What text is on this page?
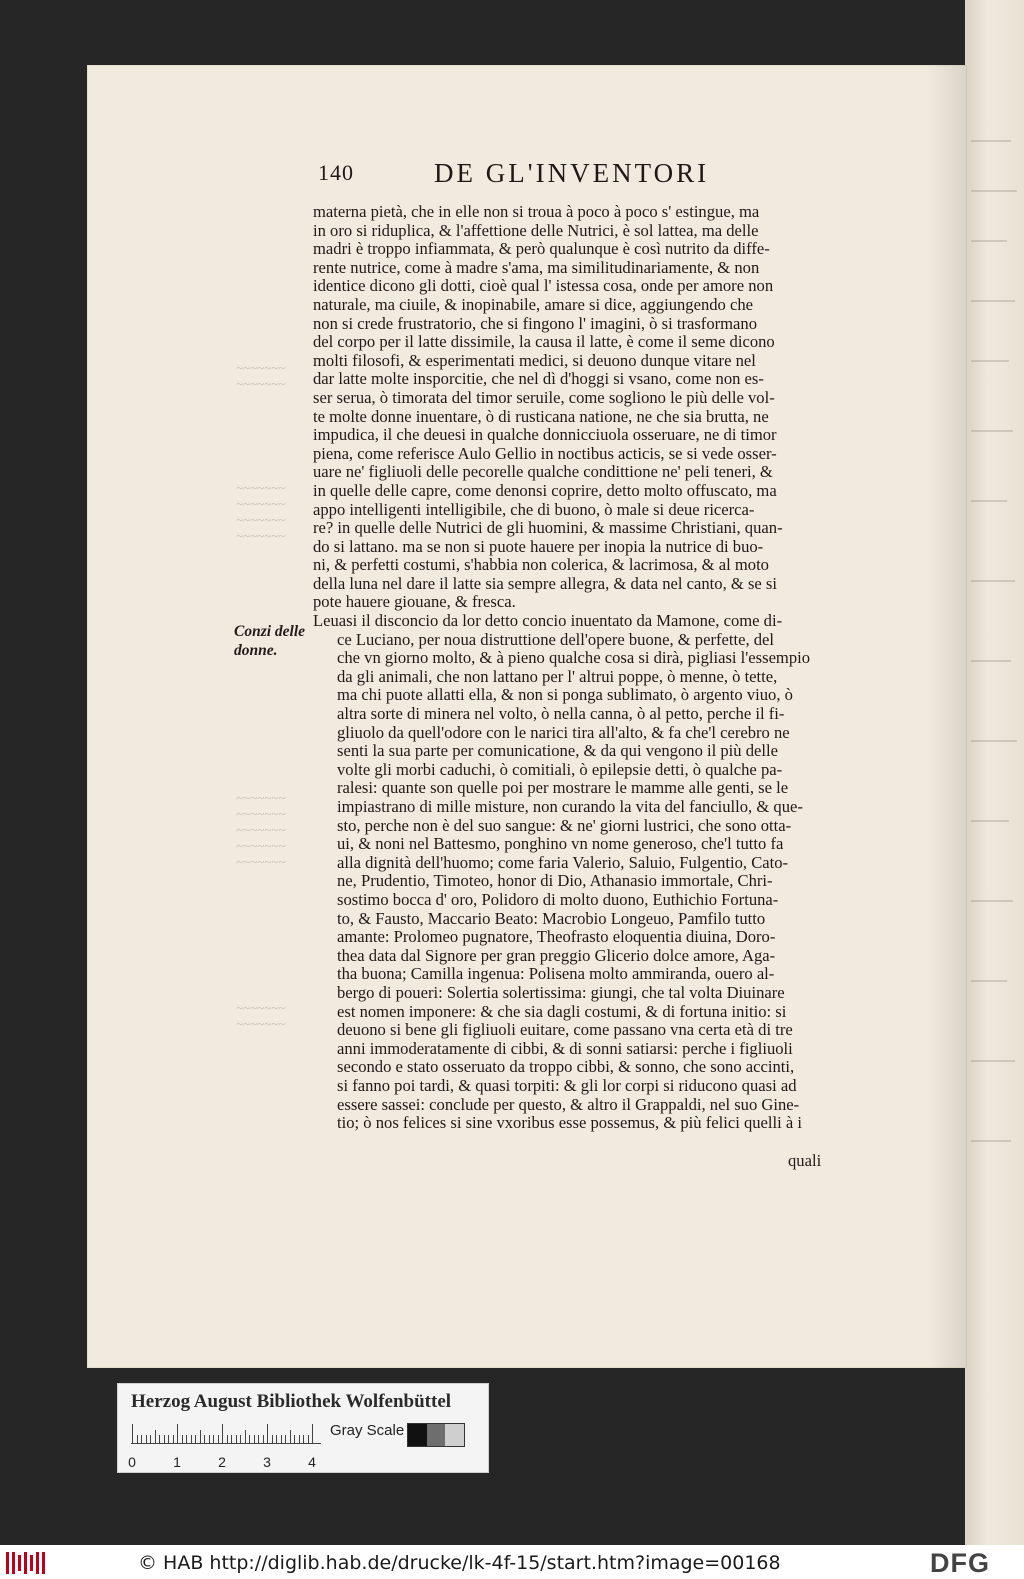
~~~~~~~
~~~~~~~
~~~~~~~
~~~~~~~
~~~~~~~
~~~~~~~
~~~~~~~
~~~~~~~
~~~~~~~
~~~~~~~
~~~~~~~
~~~~~~~
~~~~~~~
140	DE GL'INVENTORI
Conzi delle donne.
materna pietà, che in elle non si troua à poco à poco s' estingue, ma
in oro si riduplica, & l'affettione delle Nutrici, è sol lattea, ma delle
madri è troppo infiammata, & però qualunque è così nutrito da diffe-
rente nutrice, come à madre s'ama, ma similitudinariamente, & non
identice dicono gli dotti, cioè qual l' istessa cosa, onde per amore non
naturale, ma ciuile, & inopinabile, amare si dice, aggiungendo che
non si crede frustratorio, che si fingono l' imagini, ò si trasformano
del corpo per il latte dissimile, la causa il latte, è come il seme dicono
molti filosofi, & esperimentati medici, si deuono dunque vitare nel
dar latte molte insporcitie, che nel dì d'hoggi si vsano, come non es-
ser serua, ò timorata del timor seruile, come sogliono le più delle vol-
te molte donne inuentare, ò di rusticana natione, ne che sia brutta, ne
impudica, il che deuesi in qualche donnicciuola osseruare, ne di timor
piena, come referisce Aulo Gellio in noctibus acticis, se si vede osser-
uare ne' figliuoli delle pecorelle qualche condittione ne' peli teneri, &
in quelle delle capre, come denonsi coprire, detto molto offuscato, ma
appo intelligenti intelligibile, che di buono, ò male si deue ricerca-
re? in quelle delle Nutrici de gli huomini, & massime Christiani, quan-
do si lattano. ma se non si puote hauere per inopia la nutrice di buo-
ni, & perfetti costumi, s'habbia non colerica, & lacrimosa, & al moto
della luna nel dare il latte sia sempre allegra, & data nel canto, & se si
pote hauere giouane, & fresca.
Leuasi il disconcio da lor detto concio inuentato da Mamone, come di-
ce Luciano, per noua distruttione dell'opere buone, & perfette, del
che vn giorno molto, & à pieno qualche cosa si dirà, pigliasi l'essempio
da gli animali, che non lattano per l' altrui poppe, ò menne, ò tette,
ma chi puote allatti ella, & non si ponga sublimato, ò argento viuo, ò
altra sorte di minera nel volto, ò nella canna, ò al petto, perche il fi-
gliuolo da quell'odore con le narici tira all'alto, & fa che'l cerebro ne
senti la sua parte per comunicatione, & da qui vengono il più delle
volte gli morbi caduchi, ò comitiali, ò epilepsie detti, ò qualche pa-
ralesi: quante son quelle poi per mostrare le mamme alle genti, se le
impiastrano di mille misture, non curando la vita del fanciullo, & que-
sto, perche non è del suo sangue: & ne' giorni lustrici, che sono otta-
ui, & noni nel Battesmo, ponghino vn nome generoso, che'l tutto fa
alla dignità dell'huomo; come faria Valerio, Saluio, Fulgentio, Cato-
ne, Prudentio, Timoteo, honor di Dio, Athanasio immortale, Chri-
sostimo bocca d' oro, Polidoro di molto duono, Euthichio Fortuna-
to, & Fausto, Maccario Beato: Macrobio Longeuo, Pamfilo tutto
amante: Prolomeo pugnatore, Theofrasto eloquentia diuina, Doro-
thea data dal Signore per gran preggio Glicerio dolce amore, Aga-
tha buona; Camilla ingenua: Polisena molto ammiranda, ouero al-
bergo di poueri: Solertia solertissima: giungi, che tal volta Diuinare
est nomen imponere: & che sia dagli costumi, & di fortuna initio: si
deuono si bene gli figliuoli euitare, come passano vna certa età di tre
anni immoderatamente di cibbi, & di sonni satiarsi: perche i figliuoli
secondo e stato osseruato da troppo cibbi, & sonno, che sono accinti,
si fanno poi tardi, & quasi torpiti: & gli lor corpi si riducono quasi ad
essere sassei: conclude per questo, & altro il Grappaldi, nel suo Gine-
tio; ò nos felices si sine vxoribus esse possemus, & più felici quelli à i
quali
Herzog August Bibliothek Wolfenbüttel
0	1	2	3	4
Gray Scale
© HAB http://diglib.hab.de/drucke/lk-4f-15/start.htm?image=00168	DFG
